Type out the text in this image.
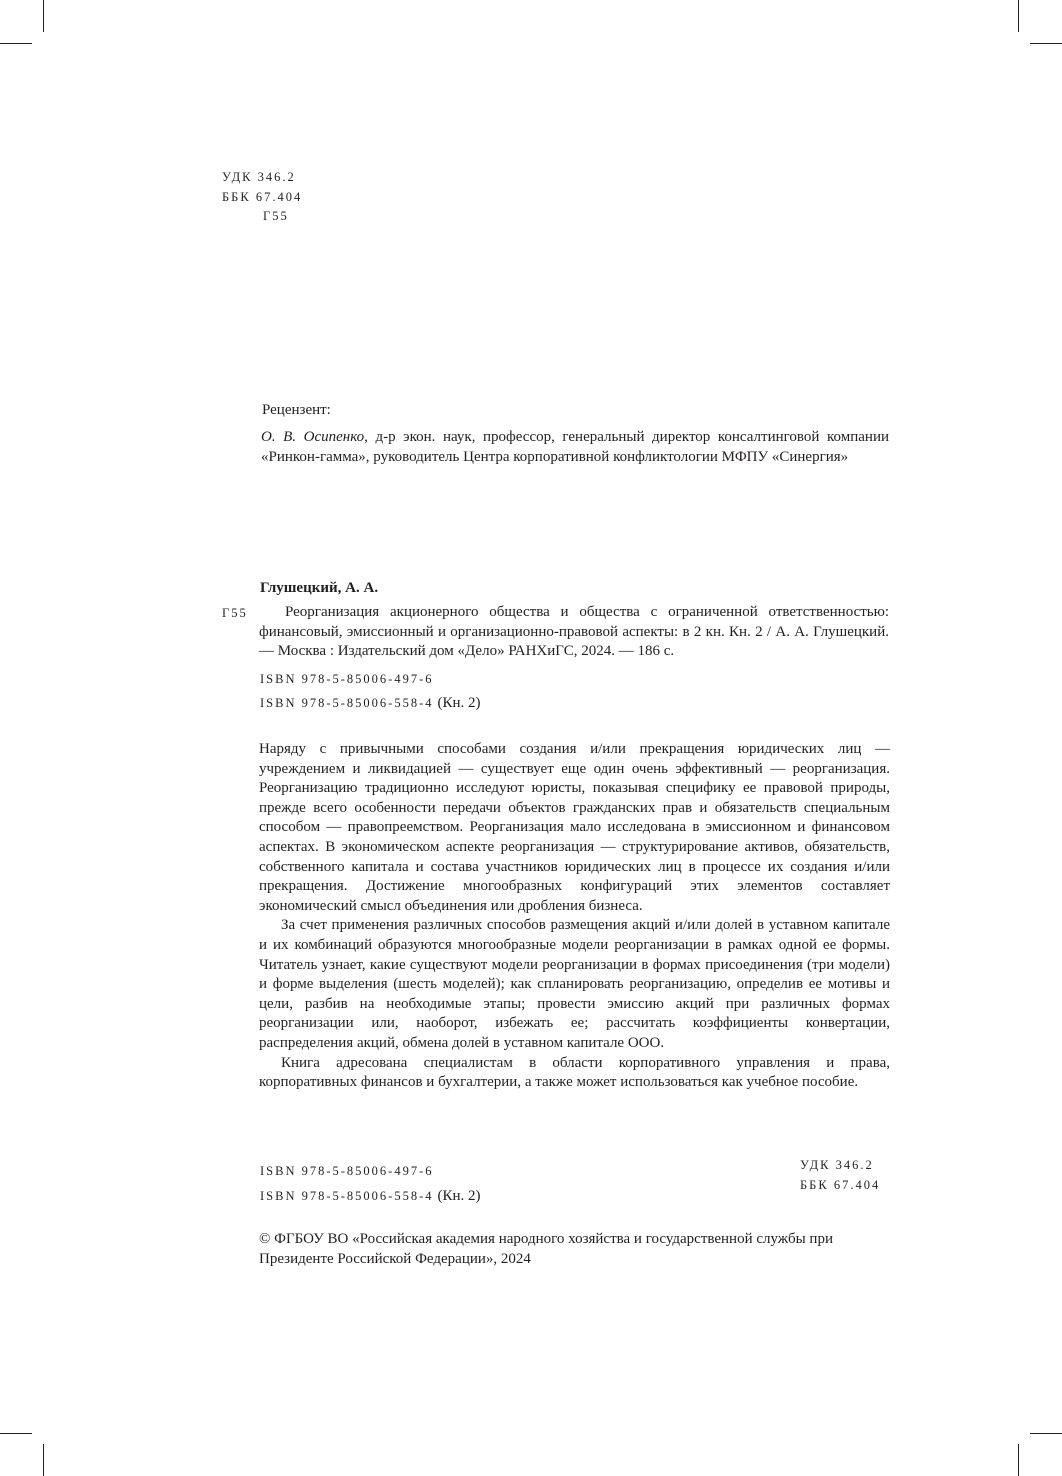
УДК 346.2
ББК 67.404
Г55
Рецензент:
О. В. Осипенко, д-р экон. наук, профессор, генеральный директор консалтинговой компании «Ринкон-гамма», руководитель Центра корпоративной конфликтологии МФПУ «Синергия»
Глушецкий, А. А.
Г55	Реорганизация акционерного общества и общества с ограниченной ответственностью: финансовый, эмиссионный и организационно-правовой аспекты: в 2 кн. Кн. 2 / А. А. Глушецкий. — Москва : Издательский дом «Дело» РАНХиГС, 2024. — 186 с.
ISBN 978-5-85006-497-6
ISBN 978-5-85006-558-4 (Кн. 2)

Наряду с привычными способами создания и/или прекращения юридических лиц — учреждением и ликвидацией — существует еще один очень эффективный — реорганизация. Реорганизацию традиционно исследуют юристы, показывая специфику ее правовой природы, прежде всего особенности передачи объектов гражданских прав и обязательств специальным способом — правопреемством. Реорганизация мало исследована в эмиссионном и финансовом аспектах. В экономическом аспекте реорганизация — структурирование активов, обязательств, собственного капитала и состава участников юридических лиц в процессе их создания и/или прекращения. Достижение многообразных конфигураций этих элементов составляет экономический смысл объединения или дробления бизнеса.

За счет применения различных способов размещения акций и/или долей в уставном капитале и их комбинаций образуются многообразные модели реорганизации в рамках одной ее формы. Читатель узнает, какие существуют модели реорганизации в формах присоединения (три модели) и форме выделения (шесть моделей); как спланировать реорганизацию, определив ее мотивы и цели, разбив на необходимые этапы; провести эмиссию акций при различных формах реорганизации или, наоборот, избежать ее; рассчитать коэффициенты конвертации, распределения акций, обмена долей в уставном капитале ООО.

Книга адресована специалистам в области корпоративного управления и права, корпоративных финансов и бухгалтерии, а также может использоваться как учебное пособие.

ISBN 978-5-85006-497-6
ISBN 978-5-85006-558-4 (Кн. 2)
УДК 346.2
ББК 67.404
© ФГБОУ ВО «Российская академия народного хозяйства и государственной службы при Президенте Российской Федерации», 2024
